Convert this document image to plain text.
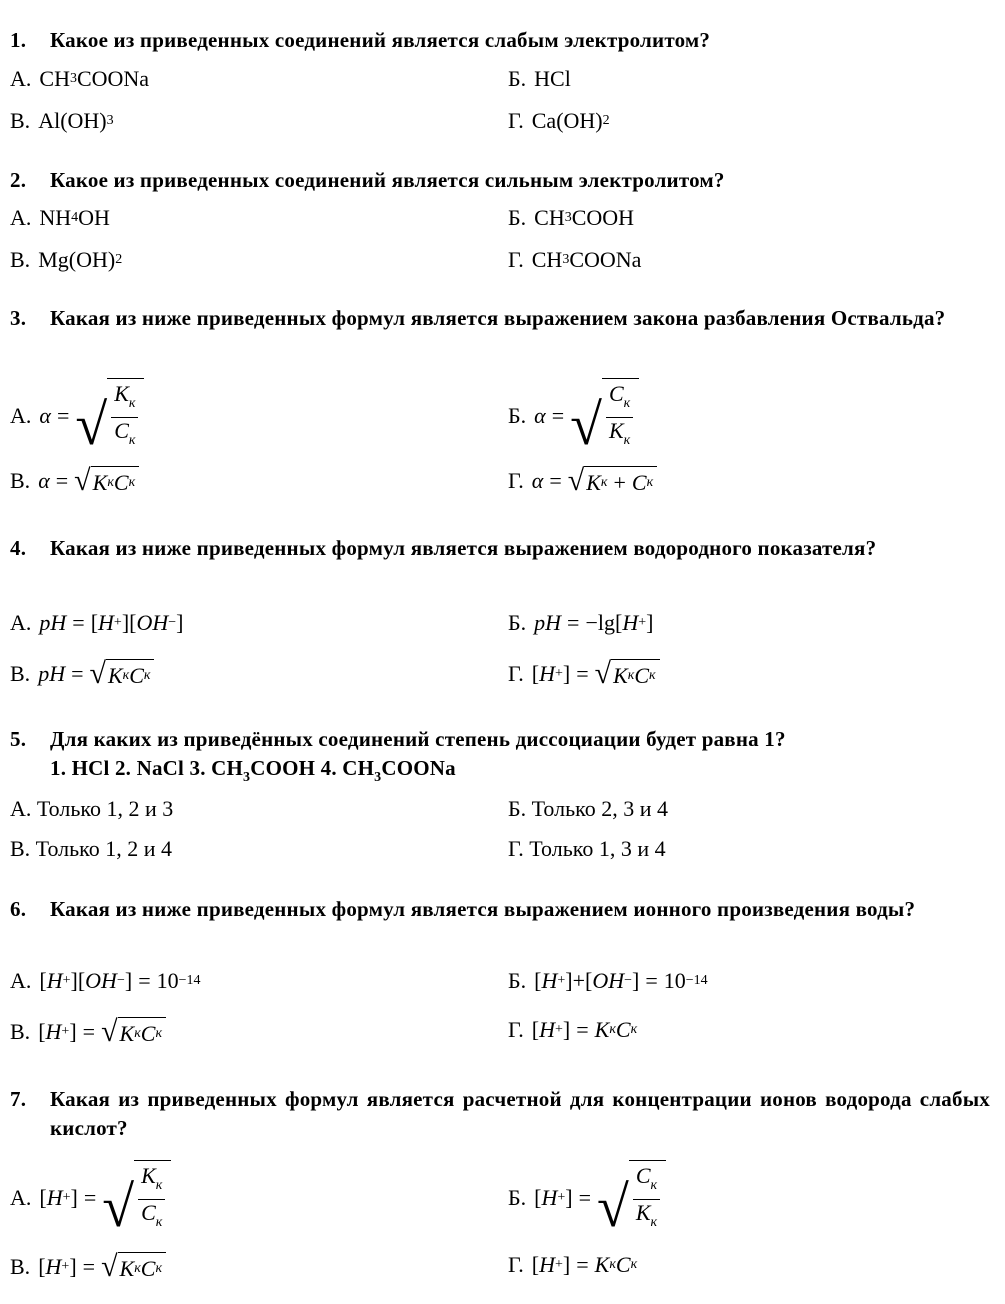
1. Какое из приведенных соединений является слабым электролитом?
А. CH 3 COONa	Б. HCl
В. Al(OH) 3	Г. Ca(OH) 2
2. Какое из приведенных соединений является сильным электролитом?
А. NH 4 OH	Б. CH 3 COOH
В. Mg(OH) 2	Г. CH 3 COONa
3.	Какая из ниже приведенных формул является выражением закона разбавления Оствальда?
А. α = √ $\frac{K_к}{C_к}$	Б. α = √ $\frac{C_к}{K_к}$
В. α = √ K к C к	Г. α = √ K к + C к
4.	Какая из ниже приведенных формул является выражением водородного показателя?
А. pH = [ H + ] [ OH − ]	Б. pH = − lg [ H + ]
В. pH = √ K к C к	Г. [ H + ] = √ K к C к
5. Для каких из приведённых соединений степень диссоциации будет равна 1?
1. HCl 2. NaCl 3. $CH_3COOH$ 4. $CH_3COONa$
А. Только 1, 2 и 3	Б. Только 2, 3 и 4
В. Только 1, 2 и 4	Г. Только 1, 3 и 4
6.	Какая из ниже приведенных формул является выражением ионного произведения воды?
А. [ H + ] [ OH − ] = 10 −14	Б. [ H + ] + [ OH − ] = 10 −14
В. [ H + ] = √ K к C к	Г. [ H + ] = K к C к
7.	Какая из приведенных формул является расчетной для концентрации ионов водорода слабых кислот?
А. [ H + ] = √ $\frac{K_к}{C_к}$	Б. [ H + ] = √ $\frac{C_к}{K_к}$
В. [ H + ] = √ K к C к	Г. [ H + ] = K к C к
